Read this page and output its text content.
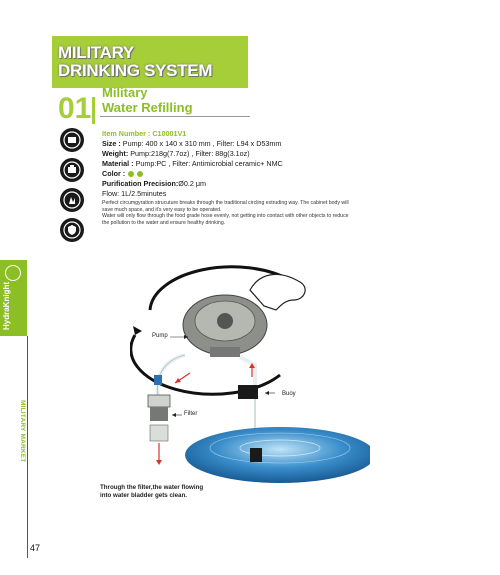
MILITARY
DRINKING SYSTEM
01 Military
Water Refilling
Item Number : C10001V1
Size : Pump: 400 x 140 x 310 mm , Filter: L94 x D53mm
Weight: Pump:218g(7.7oz) , Filter: 88g(3.1oz)
Material : Pump:PC , Filter: Antimicrobial ceramic+ NMC
Color :
Purification Precision:Ø0.2 μm
Flow: 1L/2.5minutes
Perfect circumgyration strucuture breaks through the traditional circling extruding way. The cabinet body will save much space, and it's very easy to be operated.
Water will only flow through the food grade hose evenly, not getting into contact with other objects to reduce the pollution to the water and ensure healthy drinking.
HydraKnight
MILITARY MARKET
Pump
Buoy
Filter
Through the filter,the water flowing
into water bladder gets clean.
47
